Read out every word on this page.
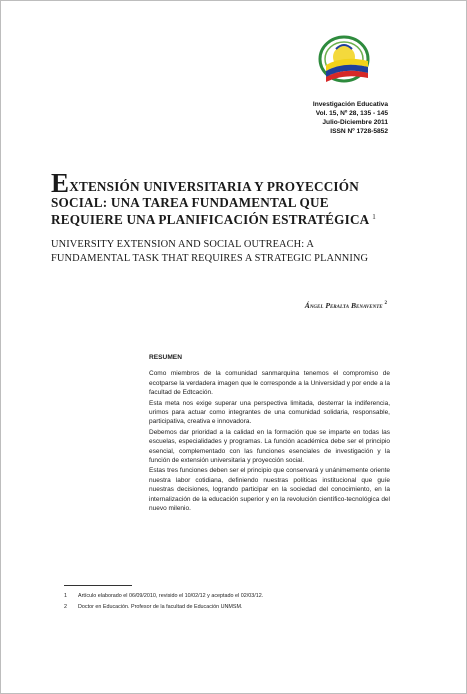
Investigación Educativa
Vol. 15, Nº 28, 135 - 145
Julio-Diciembre 2011
ISSN Nº 1728-5852
EXTENSIÓN UNIVERSITARIA Y PROYECCIÓN SOCIAL: UNA TAREA FUNDAMENTAL QUE REQUIERE UNA PLANIFICACIÓN ESTRATÉGICA $^1$
UNIVERSITY EXTENSION AND SOCIAL OUTREACH: A FUNDAMENTAL TASK THAT REQUIRES A STRATEGIC PLANNING
Ángel Peralta Benavente $^2$
RESUMEN

Como miembros de la comunidad sanmarquina tenemos el compromiso de ecotparse la verdadera imagen que le corresponde a la Universidad y por ende a la facultad de Edtcación.

Esta meta nos exige superar una perspectiva limitada, desterrar la indiferencia, urimos para actuar como integrantes de una comunidad solidaria, responsable, participativa, creativa e innovadora.

Debemos dar prioridad a la calidad en la formación que se imparte en todas las escuelas, especialidades y programas. La función académica debe ser el principio esencial, complementado con las funciones esenciales de investigación y la función de extensión universitaria y proyección social.

Estas tres funciones deben ser el principio que conservará y unánimemente oriente nuestra labor cotidiana, definiendo nuestras políticas institucional que guíe nuestras decisiones, logrando participar en la sociedad del conocimiento, en la internalización de la educación superior y en la revolución científico-tecnológica del nuevo milenio.

1 Artículo elaborado el 06/09/2010, revisido el 10/02/12 y aceptado el 02/03/12.
2 Doctor en Educación. Profesor de la facultad de Educación UNMSM.
